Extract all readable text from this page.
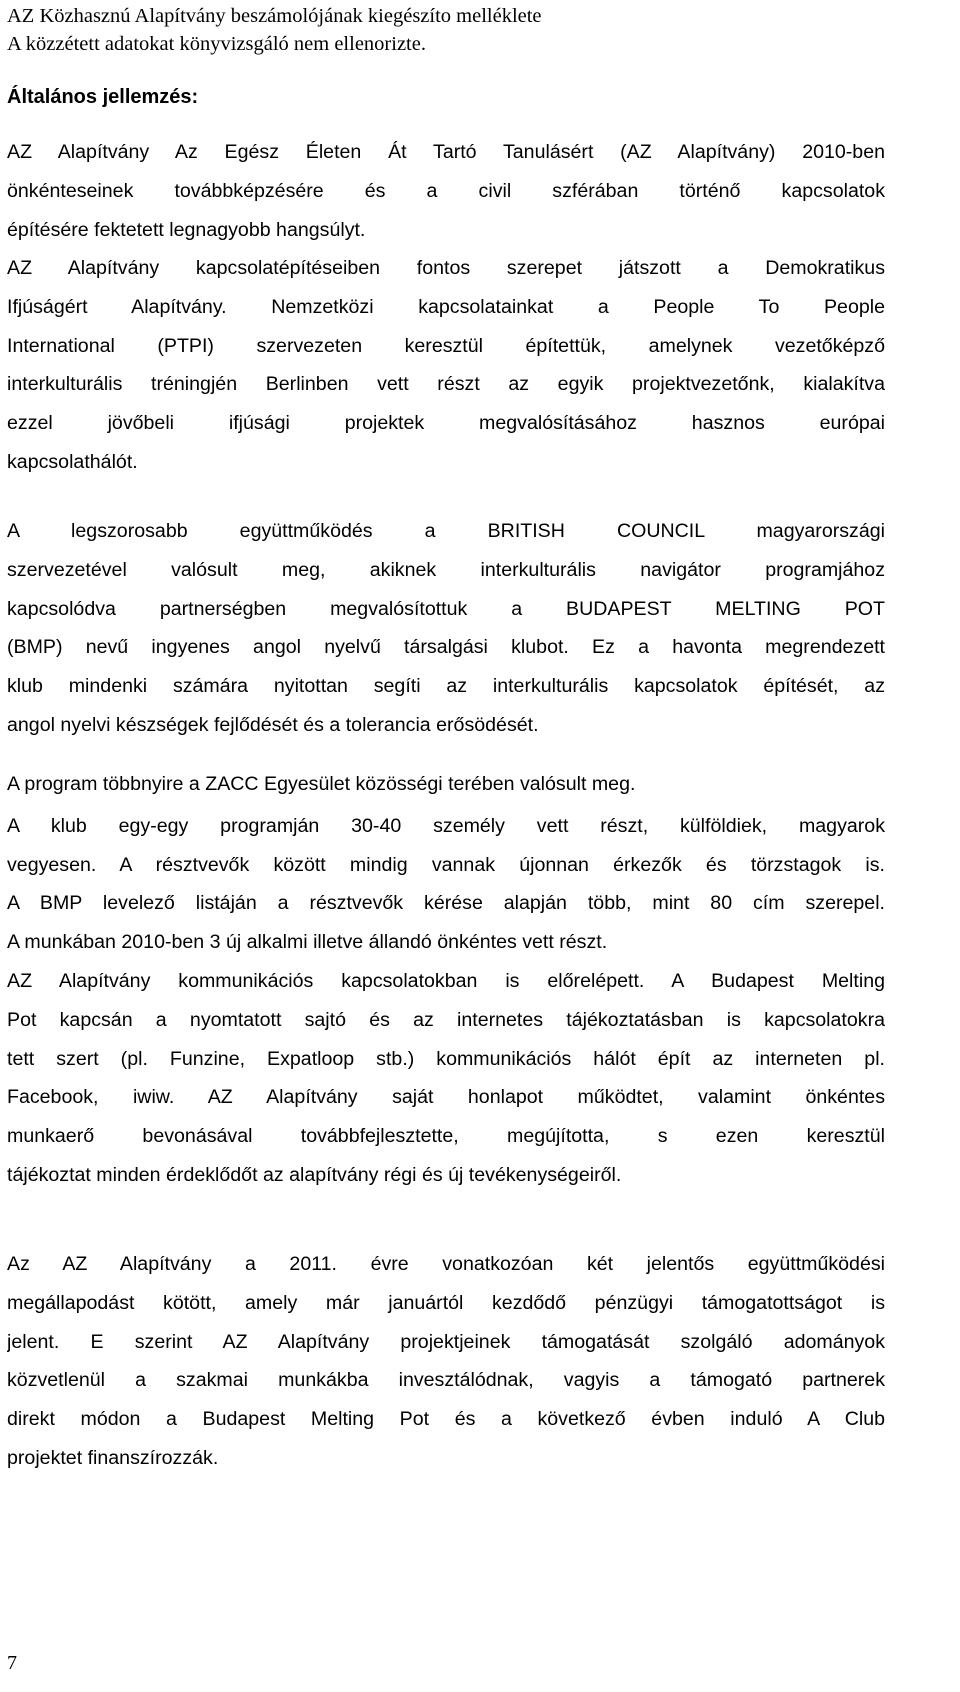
AZ Közhasznú Alapítvány beszámolójának kiegészíto melléklete
A közzétett adatokat könyvizsgáló nem ellenorizte.
Általános jellemzés:
AZ Alapítvány Az Egész Életen Át Tartó Tanulásért (AZ Alapítvány) 2010-ben
önkénteseinek továbbképzésére és a civil szférában történő kapcsolatok
építésére fektetett legnagyobb hangsúlyt.
AZ Alapítvány kapcsolatépítéseiben fontos szerepet játszott a Demokratikus
Ifjúságért Alapítvány. Nemzetközi kapcsolatainkat a People To People
International (PTPI) szervezeten keresztül építettük, amelynek vezetőképző
interkulturális tréningjén Berlinben vett részt az egyik projektvezetőnk, kialakítva
ezzel jövőbeli ifjúsági projektek megvalósításához hasznos európai
kapcsolathálót.
A legszorosabb együttműködés a BRITISH COUNCIL magyarországi
szervezetével valósult meg, akiknek interkulturális navigátor programjához
kapcsolódva partnerségben megvalósítottuk a BUDAPEST MELTING POT
(BMP) nevű ingyenes angol nyelvű társalgási klubot. Ez a havonta megrendezett
klub mindenki számára nyitottan segíti az interkulturális kapcsolatok építését, az
angol nyelvi készségek fejlődését és a tolerancia erősödését.
A program többnyire a ZACC Egyesület közösségi terében valósult meg.
A klub egy-egy programján 30-40 személy vett részt, külföldiek, magyarok
vegyesen. A résztvevők között mindig vannak újonnan érkezők és törzstagok is.
A BMP levelező listáján a résztvevők kérése alapján több, mint 80 cím szerepel.
A munkában 2010-ben 3 új alkalmi illetve állandó önkéntes vett részt.
AZ Alapítvány kommunikációs kapcsolatokban is előrelépett. A Budapest Melting
Pot kapcsán a nyomtatott sajtó és az internetes tájékoztatásban is kapcsolatokra
tett szert (pl. Funzine, Expatloop stb.) kommunikációs hálót épít az interneten pl.
Facebook, iwiw. AZ Alapítvány saját honlapot működtet, valamint önkéntes
munkaerő bevonásával továbbfejlesztette, megújította, s ezen keresztül
tájékoztat minden érdeklődőt az alapítvány régi és új tevékenységeiről.
Az AZ Alapítvány a 2011. évre vonatkozóan két jelentős együttműködési
megállapodást kötött, amely már januártól kezdődő pénzügyi támogatottságot is
jelent. E szerint AZ Alapítvány projektjeinek támogatását szolgáló adományok
közvetlenül a szakmai munkákba invesztálódnak, vagyis a támogató partnerek
direkt módon a Budapest Melting Pot és a következő évben induló A Club
projektet finanszírozzák.
7
